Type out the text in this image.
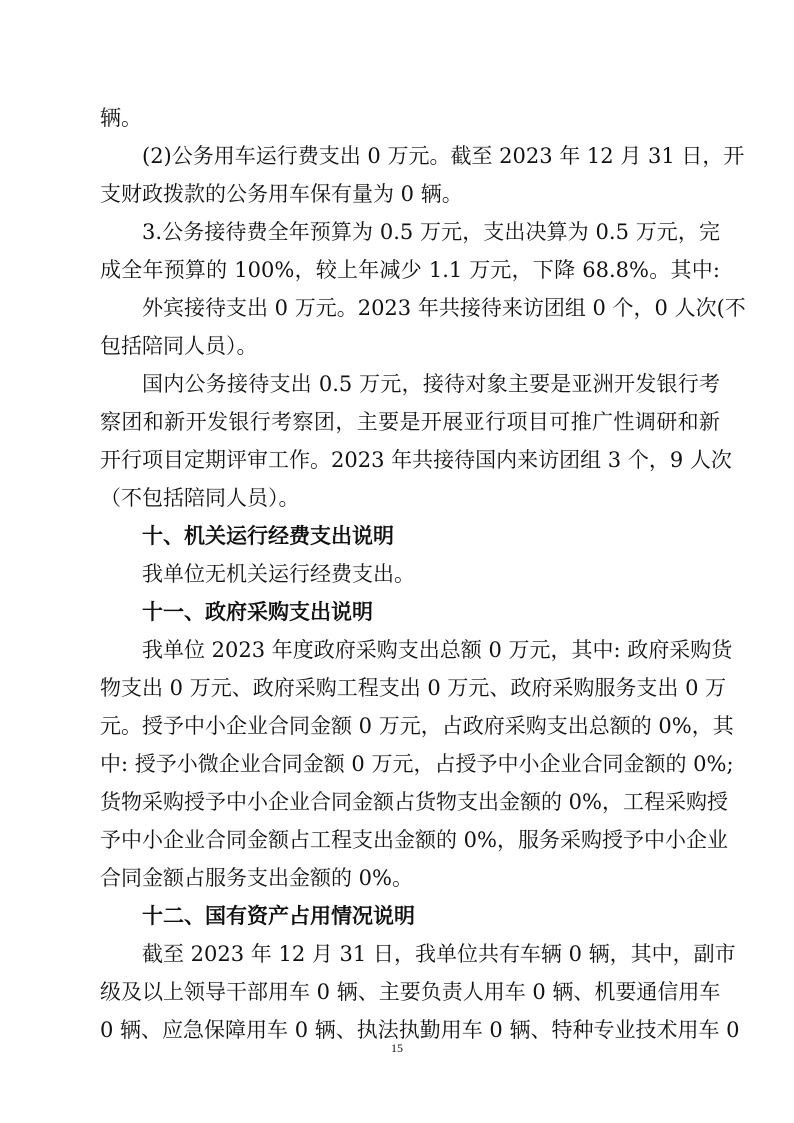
辆。
(2)公务用车运行费支出 0 万元。截至 2023 年 12 月 31 日，开
支财政拨款的公务用车保有量为 0 辆。
3.公务接待费全年预算为 0.5 万元，支出决算为 0.5 万元，完
成全年预算的 100%，较上年减少 1.1 万元，下降 68.8%。其中:
外宾接待支出 0 万元。2023 年共接待来访团组 0 个，0 人次(不
包括陪同人员）。
国内公务接待支出 0.5 万元，接待对象主要是亚洲开发银行考
察团和新开发银行考察团，主要是开展亚行项目可推广性调研和新
开行项目定期评审工作。2023 年共接待国内来访团组 3 个，9 人次
（不包括陪同人员）。
十、机关运行经费支出说明
我单位无机关运行经费支出。
十一、政府采购支出说明
我单位 2023 年度政府采购支出总额 0 万元，其中: 政府采购货
物支出 0 万元、政府采购工程支出 0 万元、政府采购服务支出 0 万
元。授予中小企业合同金额 0 万元，占政府采购支出总额的 0%，其
中: 授予小微企业合同金额 0 万元，占授予中小企业合同金额的 0%;
货物采购授予中小企业合同金额占货物支出金额的 0%，工程采购授
予中小企业合同金额占工程支出金额的 0%，服务采购授予中小企业
合同金额占服务支出金额的 0%。
十二、国有资产占用情况说明
截至 2023 年 12 月 31 日，我单位共有车辆 0 辆，其中，副市
级及以上领导干部用车 0 辆、主要负责人用车 0 辆、机要通信用车
0 辆、应急保障用车 0 辆、执法执勤用车 0 辆、特种专业技术用车 0
15
